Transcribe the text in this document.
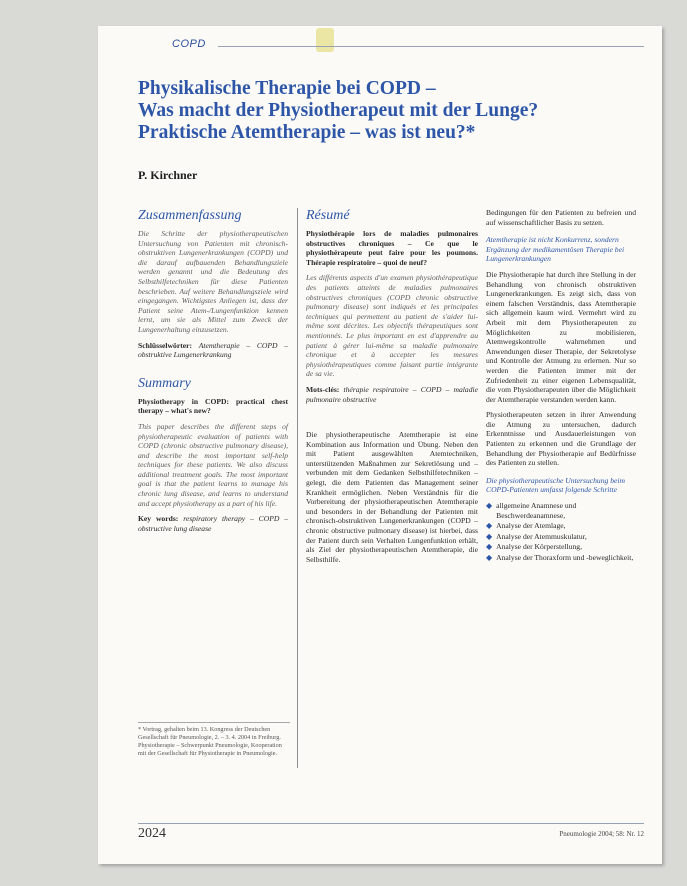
COPD
Physikalische Therapie bei COPD –
Was macht der Physiotherapeut mit der Lunge?
Praktische Atemtherapie – was ist neu?*
P. Kirchner
Zusammenfassung

Die Schritte der physiotherapeutischen Untersuchung von Patienten mit chronisch-obstruktiven Lungenerkrankungen (COPD) und die darauf aufbauenden Behandlungsziele werden genannt und die Bedeutung des Selbsthilfetechniken für diese Patienten beschrieben. Auf weitere Behandlungsziele wird eingegangen. Wichtigstes Anliegen ist, dass der Patient seine Atem-/Lungenfunktion kennen lernt, um sie als Mittel zum Zweck der Lungenerhaltung einzusetzen.

Schlüsselwörter: Atemtherapie – COPD – obstruktive Lungenerkrankung

Summary

Physiotherapy in COPD: practical chest therapy – what's new?

This paper describes the different steps of physiotherapeutic evaluation of patients with COPD (chronic obstructive pulmonary disease), and describe the most important self-help techniques for these patients. We also discuss additional treatment goals. The most important goal is that the patient learns to manage his chronic lung disease, and learns to understand and accept physiotherapy as a part of his life.

Key words: respiratory therapy – COPD – obstructive lung disease

Résumé

Physiothérapie lors de maladies pulmonaires obstructives chroniques – Ce que le physiothérapeute peut faire pour les poumons. Thérapie respiratoire – quoi de neuf?

Les différents aspects d'un examen physiothérapeutique des patients atteints de maladies pulmonaires obstructives chroniques (COPD chronic obstructive pulmonary disease) sont indiqués et les principales techniques qui permettent au patient de s'aider lui-même sont décrites. Les objectifs thérapeutiques sont mentionnés. Le plus important en est d'apprendre au patient à gérer lui-même sa maladie pulmonaire chronique et à accepter les mesures physiothérapeutiques comme faisant partie intégrante de sa vie.

Mots-clés: thérapie respiratoire – COPD – maladie pulmonaire obstructive

Die physiotherapeutische Atemtherapie ist eine Kombination aus Information und Übung. Neben den mit Patient ausgewählten Atemtechniken, unterstützenden Maßnahmen zur Sekretlösung und – verbunden mit dem Gedanken Selbsthilfetechniken – gelegt, die dem Patienten das Management seiner Krankheit ermöglichen. Neben Verständnis für die Vorbereitung der physiotherapeutischen Atemtherapie und besonders in der Behandlung der Patienten mit chronisch-obstruktiven Lungenerkrankungen (COPD – chronic obstructive pulmonary disease) ist hierbei, dass der Patient durch sein Verhalten Lungenfunktion erhält, als Ziel der physiotherapeutischen Atemtherapie, die Selbsthilfe.

Bedingungen für den Patienten zu befreien und auf wissenschaftlicher Basis zu setzen.

Atemtherapie ist nicht Konkurrenz, sondern Ergänzung der medikamentösen Therapie bei Lungenerkrankungen

Die Physiotherapie hat durch ihre Stellung in der Behandlung von chronisch obstruktiven Lungenerkrankungen. Es zeigt sich, dass von einem falschen Verständnis, dass Atemtherapie sich allgemein kaum wird. Vermehrt wird zu Arbeit mit dem Physiotherapeuten zu Möglichkeiten zu mobilisieren, Atemwegskontrolle wahrnehmen und Anwendungen dieser Therapie, der Sekretolyse und Kontrolle der Atmung zu erlernen. Nur so werden die Patienten immer mit der Zufriedenheit zu einer eigenen Lebensqualität, die vom Physiotherapeuten über die Möglichkeit der Atemtherapie verstanden werden kann.

Physiotherapeuten setzen in ihrer Anwendung die Atmung zu untersuchen, dadurch Erkenntnisse und Ausdauerleistungen von Patienten zu erkennen und die Grundlage der Behandlung der Physiotherapie auf Bedürfnisse des Patienten zu stellen.

Die physiotherapeutische Untersuchung beim COPD-Patienten umfasst folgende Schritte
◆ allgemeine Anamnese und Beschwerdeanamnese,
◆ Analyse der Atemlage,
◆ Analyse der Atemmuskulatur,
◆ Analyse der Körperstellung,
◆ Analyse der Thoraxform und -beweglichkeit,
* Vortrag, gehalten beim 13. Kongress der Deutschen Gesellschaft für Pneumologie, 2. – 3. 4. 2004 in Freiburg. Physiotherapie – Schwerpunkt Pneumologie, Kooperation mit der Gesellschaft für Physiotherapie in Pneumologie.
2024	Pneumologie 2004; 58: Nr. 12
